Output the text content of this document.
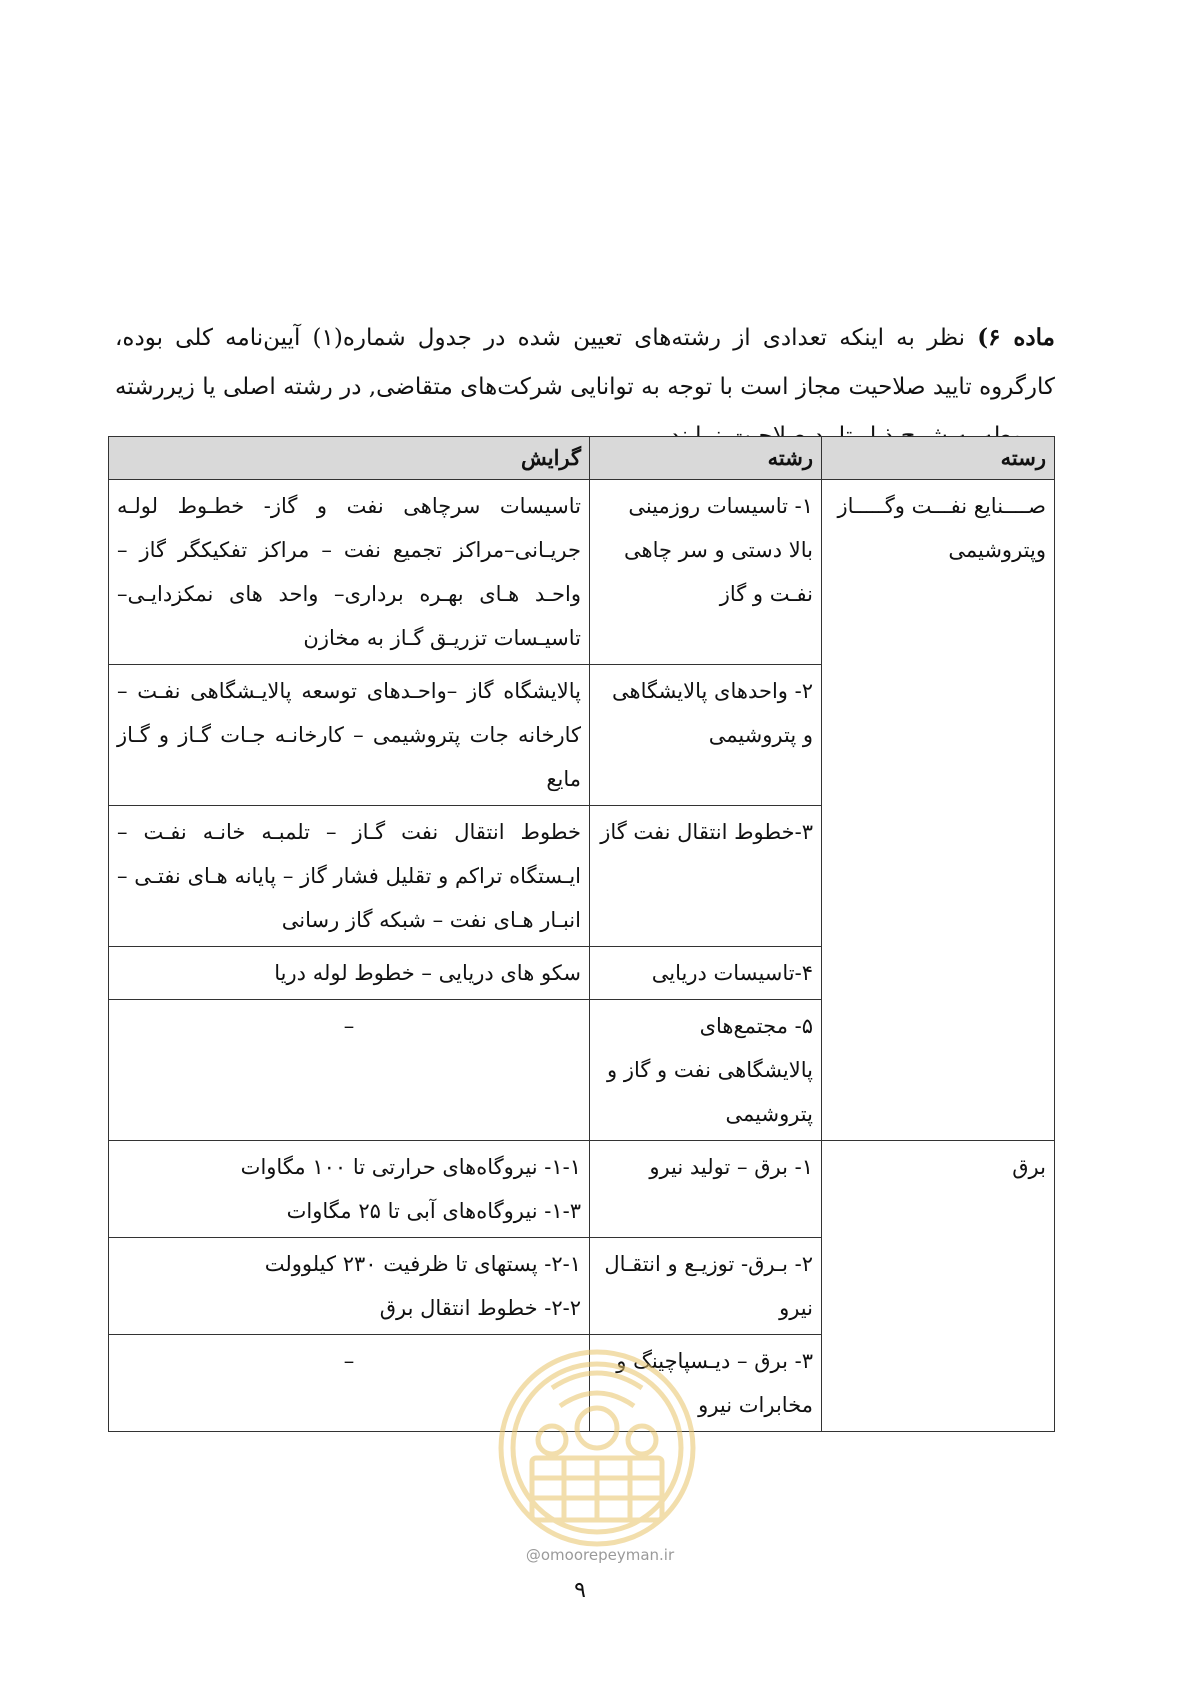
ماده ۶) نظر به اینکه تعدادی از رشته‌های تعیین شده در جدول شماره(۱) آیین‌نامه کلی بوده، کارگروه تایید صلاحیت مجاز است با توجه به توانایی شرکت‌های متقاضی, در رشته اصلی یا زیررشته

رسته	رشته	گرایش
صــــنایع نفـــت وگـــــاز وپتروشیمی	۱- تاسیسات روزمینی بالا دستی و سر چاهی نفـت و گاز	تاسیسات سرچاهی نفت و گاز- خطـوط لولـه جریـانی–مراکز تجمیع نفت – مراکز تفکیکگر گاز – واحـد هـای بهـره برداری– واحد های نمکزدایـی– تاسیـسات تزریـق گـاز به مخازن
	۲- واحدهای پالایشگاهی و پتروشیمی	پالایشگاه گاز –واحـدهای توسعه پالایـشگاهی نفـت – کارخانه جات پتروشیمی – کارخانـه جـات گـاز و گـاز مایع
	۳-خطوط انتقال نفت گاز	خطوط انتقال نفت گـاز – تلمبـه خانـه نفـت – ایـستگاه تراکم و تقلیل فشار گاز – پایانه هـای نفتـی – انبـار هـای نفت – شبکه گاز رسانی
	۴-تاسیسات دریایی	سکو های دریایی – خطوط لوله دریا
	۵- مجتمع‌های پالایشگاهی نفت و گاز و پتروشیمی	–
برق	۱- برق – تولید نیرو	۱-۱- نیروگاه‌های حرارتی تا ۱۰۰ مگاوات
۱-۳- نیروگاه‌های آبی تا ۲۵ مگاوات

	۲- بـرق- توزیـع و انتقـال نیرو	۲-۱- پستهای تا ظرفیت ۲۳۰ کیلوولت
۲-۲- خطوط انتقال برق

	۳- برق – دیـسپاچینگ و مخابرات نیرو	–
@omoorepeyman.ir
۹
